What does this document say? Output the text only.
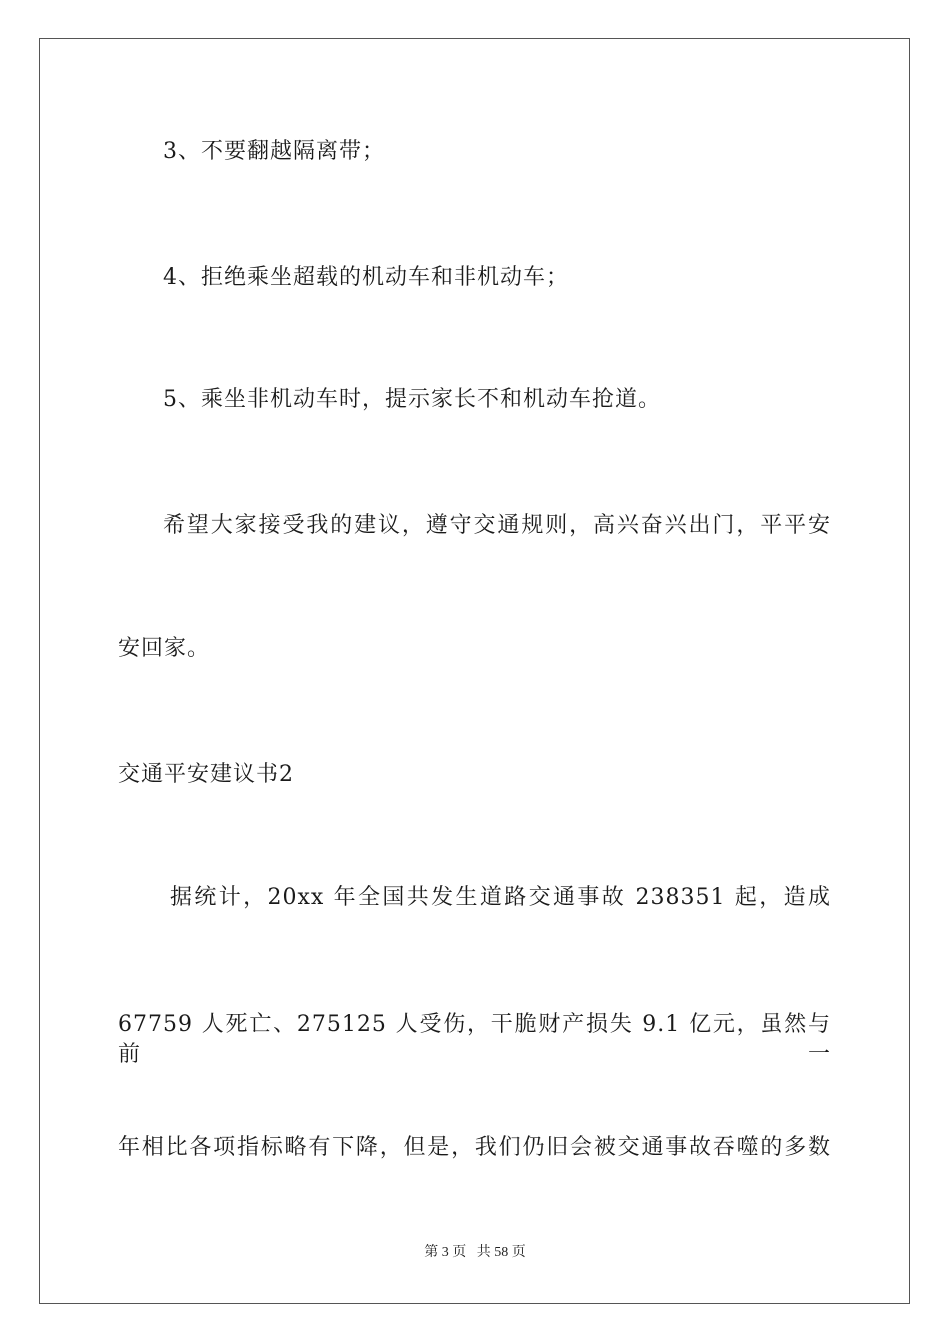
3、不要翻越隔离带；
4、拒绝乘坐超载的机动车和非机动车；
5、乘坐非机动车时，提示家长不和机动车抢道。
希望大家接受我的建议，遵守交通规则，高兴奋兴出门，平平安
安回家。
交通平安建议书2
据统计，20xx 年全国共发生道路交通事故 238351 起，造成
67759 人死亡、275125 人受伤，干脆财产损失 9.1 亿元，虽然与前一
年相比各项指标略有下降，但是，我们仍旧会被交通事故吞噬的多数
第 3 页 共 58 页
